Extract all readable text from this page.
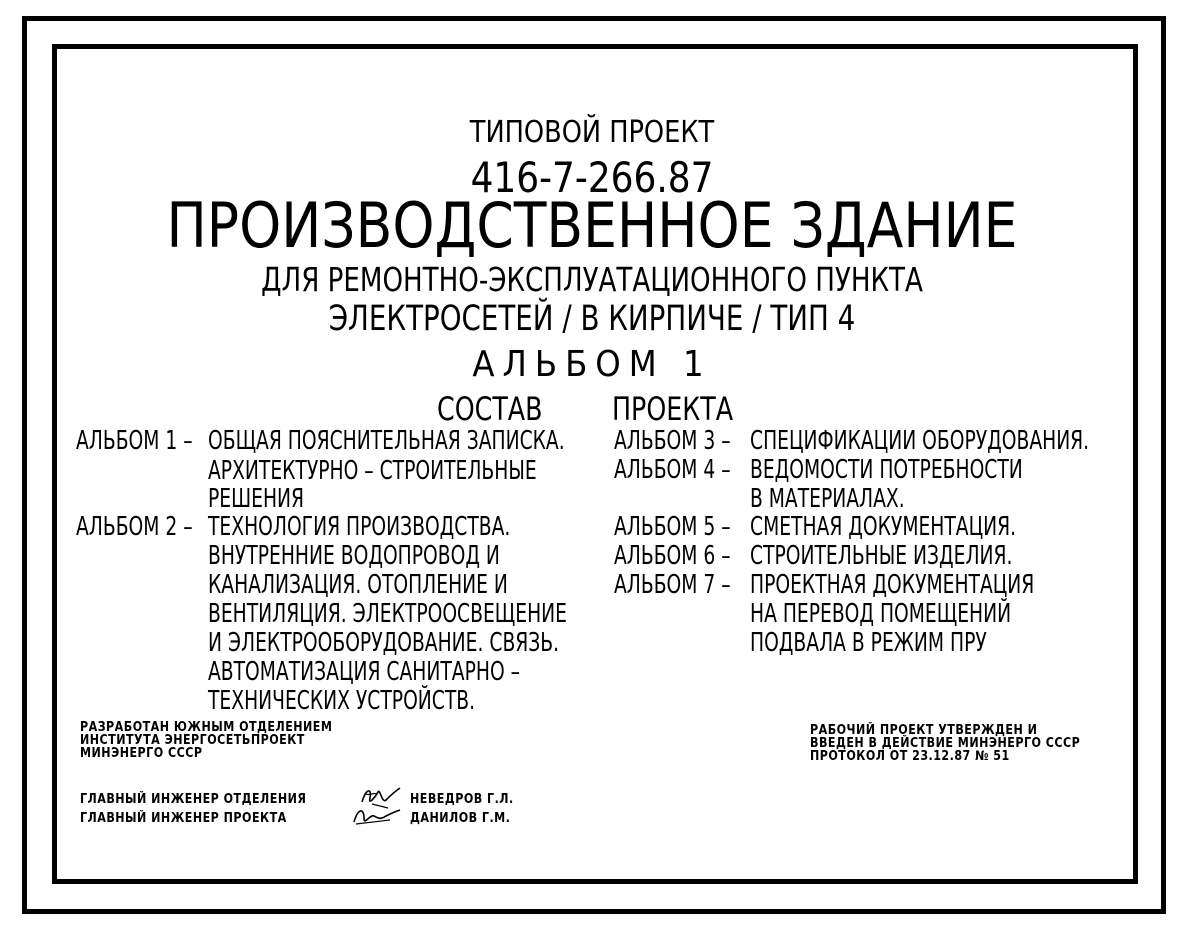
ТИПОВОЙ ПРОЕКТ
416-7-266.87
ПРОИЗВОДСТВЕННОЕ ЗДАНИЕ
ДЛЯ РЕМОНТНО-ЭКСПЛУАТАЦИОННОГО ПУНКТА
ЭЛЕКТРОСЕТЕЙ / В КИРПИЧЕ / ТИП 4
АЛЬБОМ 1
СОСТАВ ПРОЕКТА
АЛЬБОМ 1 – ОБЩАЯ ПОЯСНИТЕЛЬНАЯ ЗАПИСКА.
АРХИТЕКТУРНО – СТРОИТЕЛЬНЫЕ
РЕШЕНИЯ
АЛЬБОМ 2 – ТЕХНОЛОГИЯ ПРОИЗВОДСТВА.
ВНУТРЕННИЕ ВОДОПРОВОД И
КАНАЛИЗАЦИЯ. ОТОПЛЕНИЕ И
ВЕНТИЛЯЦИЯ. ЭЛЕКТРООСВЕЩЕНИЕ
И ЭЛЕКТРООБОРУДОВАНИЕ. СВЯЗЬ.
АВТОМАТИЗАЦИЯ САНИТАРНО –
ТЕХНИЧЕСКИХ УСТРОЙСТВ.
АЛЬБОМ 3 – СПЕЦИФИКАЦИИ ОБОРУДОВАНИЯ.
АЛЬБОМ 4 – ВЕДОМОСТИ ПОТРЕБНОСТИ
В МАТЕРИАЛАХ.
АЛЬБОМ 5 – СМЕТНАЯ ДОКУМЕНТАЦИЯ.
АЛЬБОМ 6 – СТРОИТЕЛЬНЫЕ ИЗДЕЛИЯ.
АЛЬБОМ 7 – ПРОЕКТНАЯ ДОКУМЕНТАЦИЯ
НА ПЕРЕВОД ПОМЕЩЕНИЙ
ПОДВАЛА В РЕЖИМ ПРУ
РАЗРАБОТАН ЮЖНЫМ ОТДЕЛЕНИЕМ
ИНСТИТУТА ЭНЕРГОСЕТЬПРОЕКТ
МИНЭНЕРГО СССР
РАБОЧИЙ ПРОЕКТ УТВЕРЖДЕН И
ВВЕДЕН В ДЕЙСТВИЕ МИНЭНЕРГО СССР
ПРОТОКОЛ ОТ 23.12.87 № 51
ГЛАВНЫЙ ИНЖЕНЕР ОТДЕЛЕНИЯ	НЕВЕДРОВ Г.Л.
ГЛАВНЫЙ ИНЖЕНЕР ПРОЕКТА	ДАНИЛОВ Г.М.
